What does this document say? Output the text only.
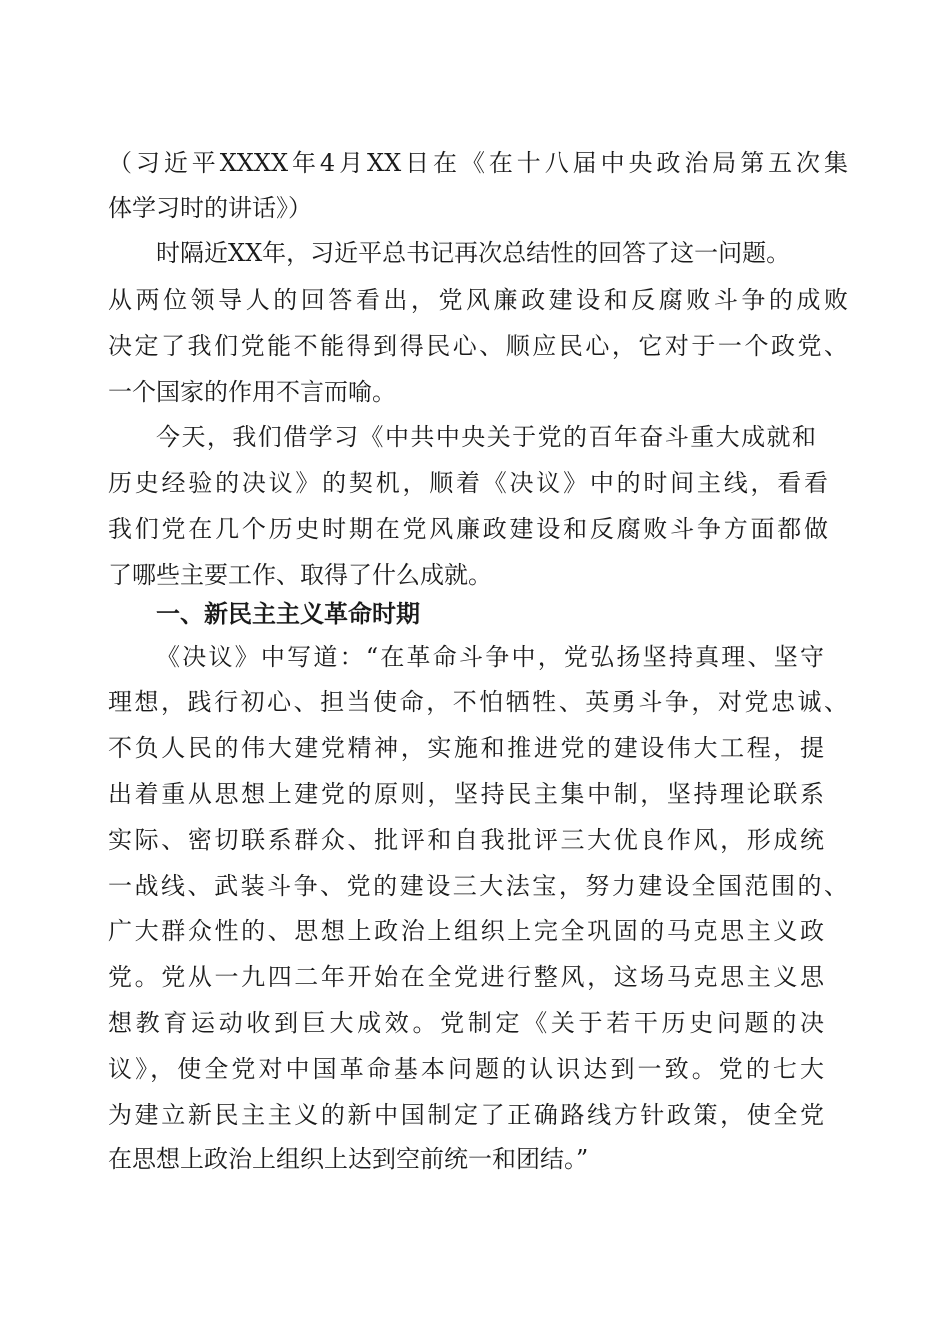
（习近平XXXX年4月XX日在《在十八届中央政治局第五次集
体学习时的讲话》）
时隔近XX年，习近平总书记再次总结性的回答了这一问题。
从两位领导人的回答看出，党风廉政建设和反腐败斗争的成败
决定了我们党能不能得到得民心、顺应民心，它对于一个政党、
一个国家的作用不言而喻。
今天，我们借学习《中共中央关于党的百年奋斗重大成就和
历史经验的决议》的契机，顺着《决议》中的时间主线，看看
我们党在几个历史时期在党风廉政建设和反腐败斗争方面都做
了哪些主要工作、取得了什么成就。
一、新民主主义革命时期
《决议》中写道：“在革命斗争中，党弘扬坚持真理、坚守
理想，践行初心、担当使命，不怕牺牲、英勇斗争，对党忠诚、
不负人民的伟大建党精神，实施和推进党的建设伟大工程，提
出着重从思想上建党的原则，坚持民主集中制，坚持理论联系
实际、密切联系群众、批评和自我批评三大优良作风，形成统
一战线、武装斗争、党的建设三大法宝，努力建设全国范围的、
广大群众性的、思想上政治上组织上完全巩固的马克思主义政
党。党从一九四二年开始在全党进行整风，这场马克思主义思
想教育运动收到巨大成效。党制定《关于若干历史问题的决
议》，使全党对中国革命基本问题的认识达到一致。党的七大
为建立新民主主义的新中国制定了正确路线方针政策，使全党
在思想上政治上组织上达到空前统一和团结。”
